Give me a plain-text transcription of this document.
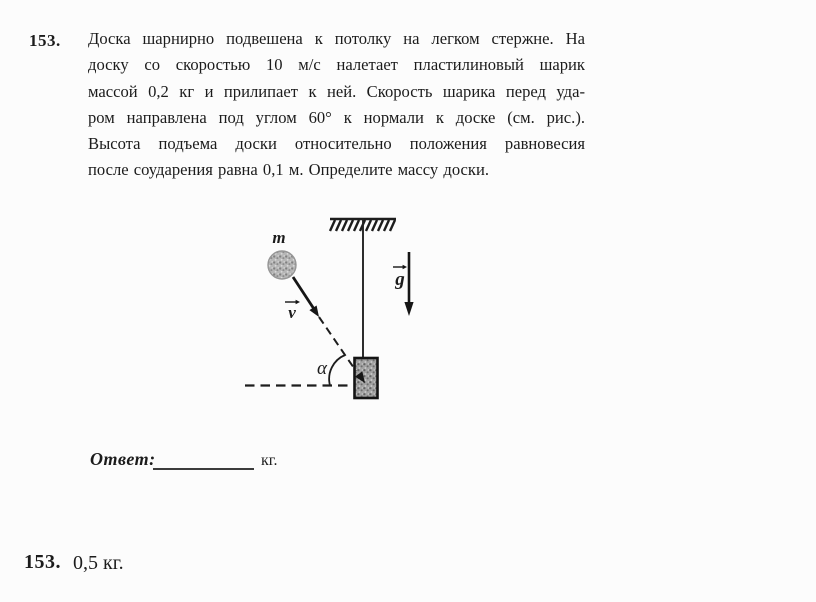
153. Доска шарнирно подвешена к потолку на легком стержне. На
доску со скоростью 10 м/с налетает пластилиновый шарик
массой 0,2 кг и прилипает к ней. Скорость шарика перед уда-
ром направлена под углом 60° к нормали к доске (см. рис.).
Высота подъема доски относительно положения равновесия
после соударения равна 0,1 м. Определите массу доски.
m
v
α
g
Ответ:	кг.
153. 0,5 кг.
